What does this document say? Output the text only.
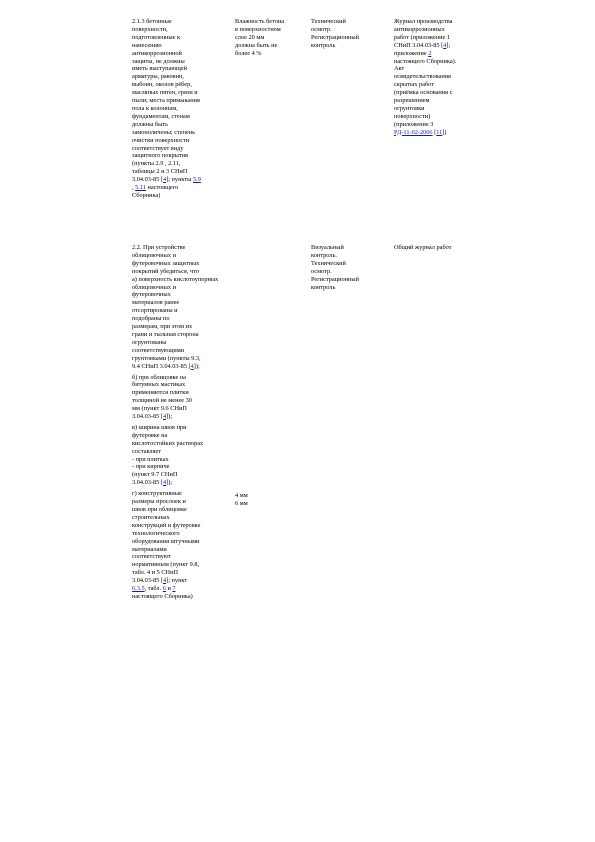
2.1.3 бетонные
поверхности,
подготовленные к
нанесению
антикоррозионной
защиты, не должны
иметь выступающей
арматуры, раковин,
выбоин, околов рёбер,
масляных пятен, грязи и
пыли; места примыкания
пола к колоннам,
фундаментам, стенам
должны быть
замоноличены; степень
очистки поверхности
соответствует виду
защитного покрытия
(пункты 2.9 , 2.11,
таблицы 2 и 3 СНиП
3.04.03-85 [4]; пункты 5.9
, 5.11 настоящего
Сборника)
Влажность бетона
в поверхностном
слое 20 мм
должна быть не
более 4 %
Технический
осмотр.
Регистрационный
контроль
Журнал производства
антикоррозионных
работ (приложение 1
СНиП 3.04.03-85 [4];
приложение 2
настоящего Сборника).
Акт
освидетельствования
скрытых работ
(приёмка основания с
разрешением
огрунтовки
поверхности)
(приложение 3
РД-11-02-2006 [11])
2.2. При устройстве
облицовочных и
футеровочных защитных
покрытий убедиться, что
а) поверхность кислотоупорных
облицовочных и
футеровочных
материалов ранее
отсортированы и
подобраны по
размерам, при этом их
грани и тыльная сторона
огрунтованы
соответствующими
грунтовками (пункты 9.3,
9.4 СНиП 3.04.03-85 [4]);
б) при облицовке на
битумных мастиках
применяются плитки
толщиной не менее 30
мм (пункт 9.6 СНиП
3.04.03-85 [4]);
в) ширина швов при
футеровке на
кислотостойких растворах
составляет
- при плитках
- при кирпиче
(пункт 9.7 СНиП
3.04.03-85 [4]);
г) конструктивные
размеры прослоек и
швов при облицовке
строительных
конструкций и футеровке
технологического
оборудования штучными
материалами
соответствуют
нормативным (пункт 9.8,
табл. 4 и 5 СНиП
3.04.03-85 [4]; пункт
6.3.5, табл. 6 и 7
настоящего Сборника)
4 мм
6 мм
Визуальный
контроль.
Технический
осмотр.
Регистрационный
контроль
Общий журнал работ
